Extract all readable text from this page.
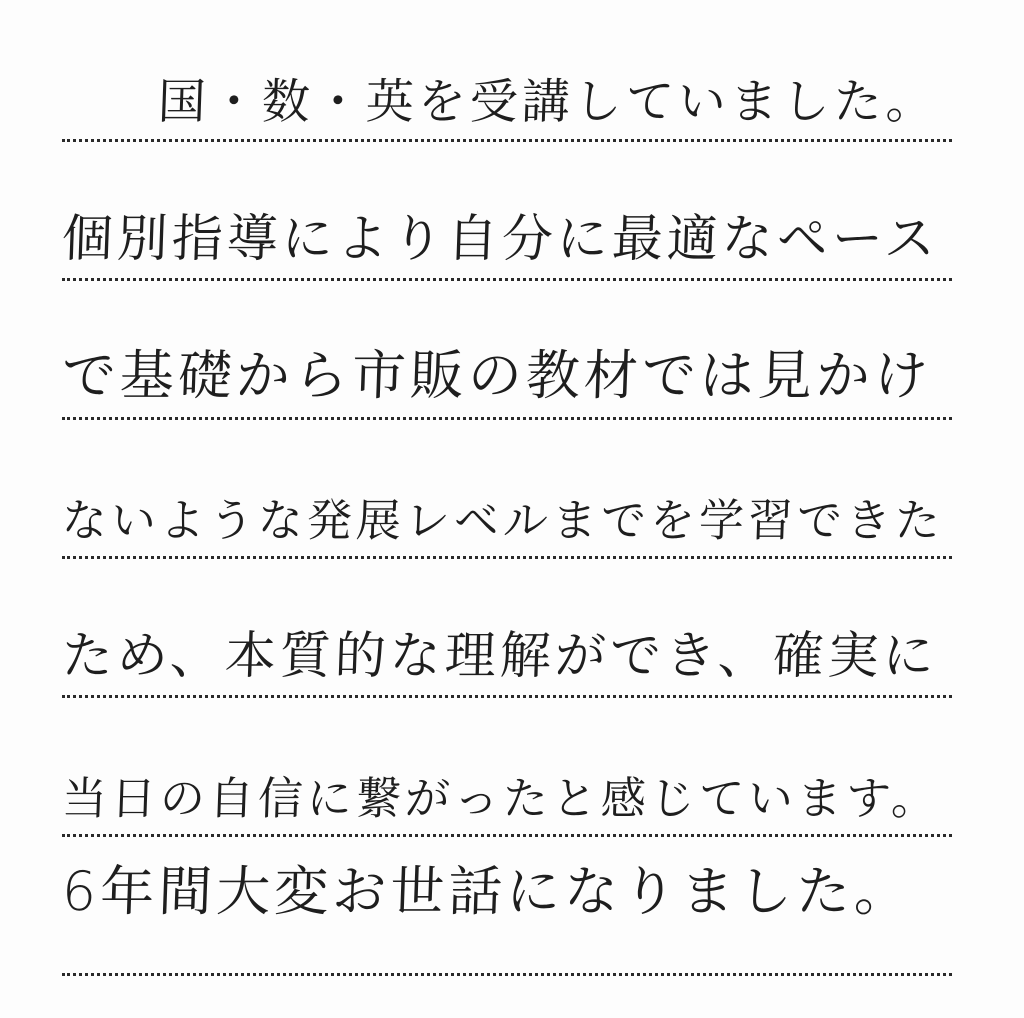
国・数・英を受講していました。
個別指導により自分に最適なペース
で基礎から市販の教材では見かけ
ないような発展レベルまでを学習できた
ため、本質的な理解ができ、確実に
当日の自信に繋がったと感じています。
6年間大変お世話になりました。
